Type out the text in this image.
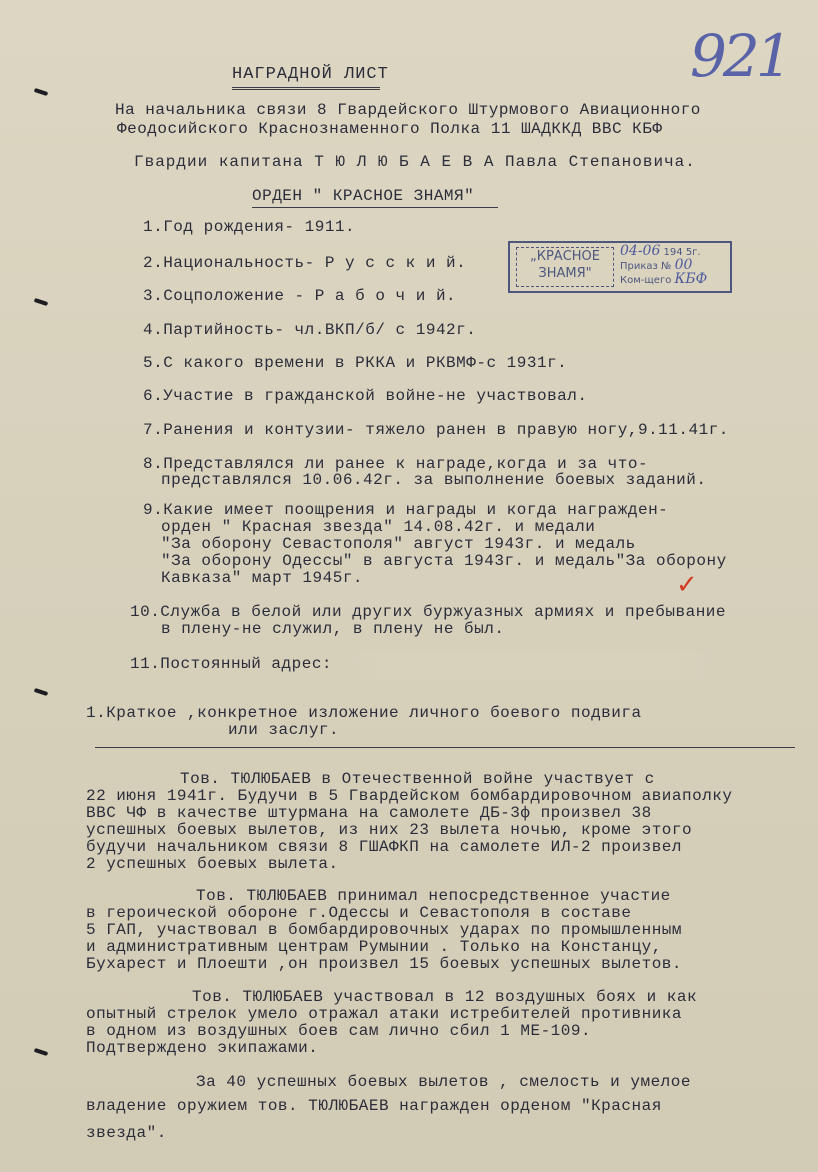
921
НАГРАДНОЙ ЛИСТ
На начальника связи 8 Гвардейского Штурмового Авиационного
Феодосийского Краснознаменного Полка 11 ШАДККД ВВС КБФ
Гвардии капитана Т Ю Л Ю Б А Е В А Павла Степановича.
ОРДЕН " КРАСНОЕ ЗНАМЯ"
„КРАСНОЕ
ЗНАМЯ"
04-06 194 5г.
Приказ № 00
Ком-щего КБФ
1.Год рождения- 1911.
2.Национальность- Р у с с к и й.
3.Соцположение - Р а б о ч и й.
4.Партийность- чл.ВКП/б/ с 1942г.
5.С какого времени в РККА и РКВМФ-с 1931г.
6.Участие в гражданской войне-не участвовал.
7.Ранения и контузии- тяжело ранен в правую ногу,9.11.41г.
8.Представлялся ли ранее к награде,когда и за что-
представлялся 10.06.42г. за выполнение боевых заданий.
9.Какие имеет поощрения и награды и когда награжден-
орден " Красная звезда" 14.08.42г. и медали
"За оборону Севастополя" август 1943г. и медаль
"За оборону Одессы" в августа 1943г. и медаль"За оборону
Кавказа" март 1945г.	✓
10.Служба в белой или других буржуазных армиях и пребывание
в плену-не служил, в плену не был.
11.Постоянный адрес:
1.Краткое ,конкретное изложение личного боевого подвига
или заслуг.
Тов. ТЮЛЮБАЕВ в Отечественной войне участвует с
22 июня 1941г. Будучи в 5 Гвардейском бомбардировочном авиаполку
ВВС ЧФ в качестве штурмана на самолете ДБ-3ф произвел 38
успешных боевых вылетов, из них 23 вылета ночью, кроме этого
будучи начальником связи 8 ГШАФКП на самолете ИЛ-2 произвел
2 успешных боевых вылета.
Тов. ТЮЛЮБАЕВ принимал непосредственное участие
в героической обороне г.Одессы и Севастополя в составе
5 ГАП, участвовал в бомбардировочных ударах по промышленным
и административным центрам Румынии . Только на Констанцу,
Бухарест и Плоешти ,он произвел 15 боевых успешных вылетов.
Тов. ТЮЛЮБАЕВ участвовал в 12 воздушных боях и как
опытный стрелок умело отражал атаки истребителей противника
в одном из воздушных боев сам лично сбил 1 МЕ-109.
Подтверждено экипажами.
За 40 успешных боевых вылетов , смелость и умелое
владение оружием тов. ТЮЛЮБАЕВ награжден орденом "Красная
звезда".
